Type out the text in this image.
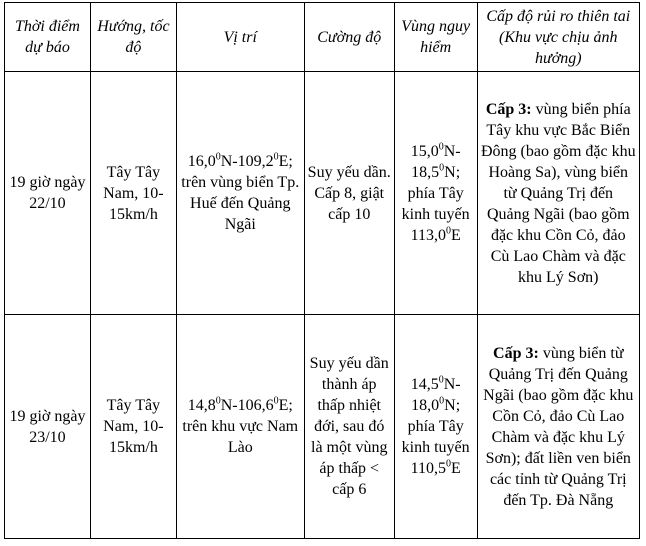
Thời điểm dự báo	Hướng, tốc độ	Vị trí	Cường độ	Vùng nguy hiểm	Cấp độ rủi ro thiên tai (Khu vực chịu ảnh hưởng)
19 giờ ngày 22/10	Tây Tây Nam, 10-15km/h	16,0$^0$N-109,2$^0$E; trên vùng biển Tp. Huế đến Quảng Ngãi	Suy yếu dần. Cấp 8, giật cấp 10	15,0$^0$N-18,5$^0$N; phía Tây kinh tuyến 113,0$^0$E	Cấp 3: vùng biển phía Tây khu vực Bắc Biển Đông (bao gồm đặc khu Hoàng Sa), vùng biển từ Quảng Trị đến Quảng Ngãi (bao gồm đặc khu Cồn Cỏ, đảo Cù Lao Chàm và đặc khu Lý Sơn)
19 giờ ngày 23/10	Tây Tây Nam, 10-15km/h	14,8$^0$N-106,6$^0$E; trên khu vực Nam Lào	Suy yếu dần thành áp thấp nhiệt đới, sau đó là một vùng áp thấp < cấp 6	14,5$^0$N-18,0$^0$N; phía Tây kinh tuyến 110,5$^0$E	Cấp 3: vùng biển từ Quảng Trị đến Quảng Ngãi (bao gồm đặc khu Cồn Cỏ, đảo Cù Lao Chàm và đặc khu Lý Sơn); đất liền ven biển các tỉnh từ Quảng Trị đến Tp. Đà Nẵng
